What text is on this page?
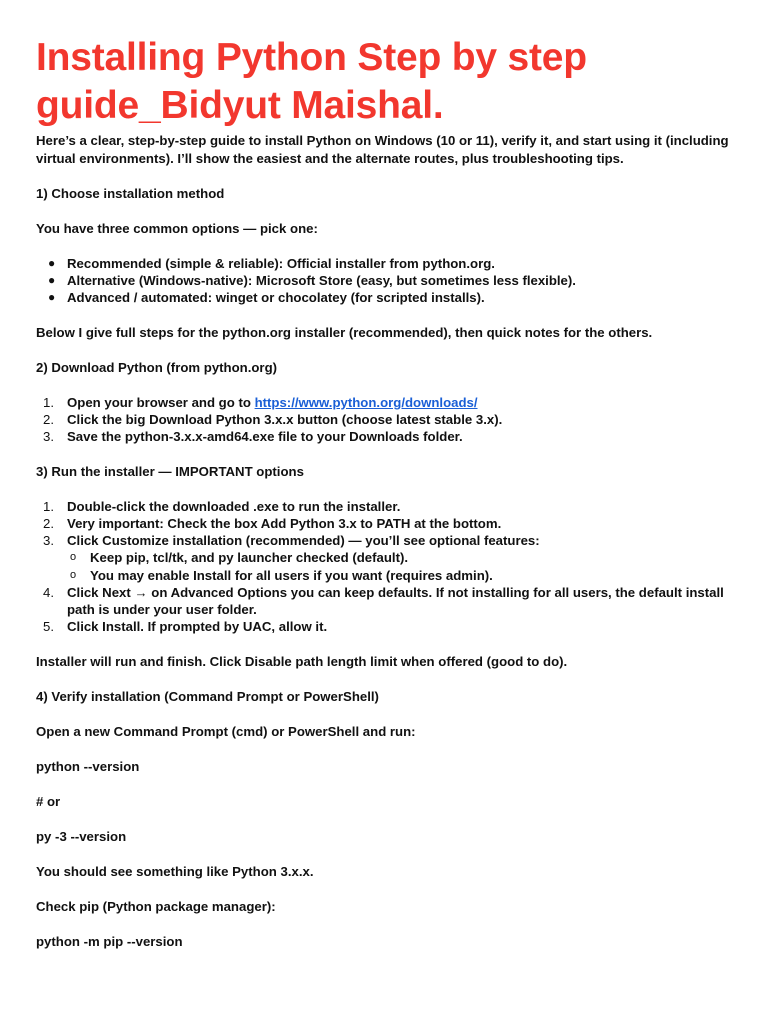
Installing Python Step by step guide_Bidyut Maishal.

Here’s a clear, step-by-step guide to install Python on Windows (10 or 11), verify it, and start using it (including virtual environments). I’ll show the easiest and the alternate routes, plus troubleshooting tips.

1) Choose installation method

You have three common options — pick one:

● Recommended (simple & reliable): Official installer from python.org.
● Alternative (Windows-native): Microsoft Store (easy, but sometimes less flexible).
● Advanced / automated: winget or chocolatey (for scripted installs).

Below I give full steps for the python.org installer (recommended), then quick notes for the others.

2) Download Python (from python.org)

1. Open your browser and go to https://www.python.org/downloads/
2. Click the big Download Python 3.x.x button (choose latest stable 3.x).
3. Save the python-3.x.x-amd64.exe file to your Downloads folder.

3) Run the installer — IMPORTANT options

1. Double-click the downloaded .exe to run the installer.
2. Very important: Check the box Add Python 3.x to PATH at the bottom.
3. Click Customize installation (recommended) — you’ll see optional features:
o Keep pip, tcl/tk, and py launcher checked (default).
o You may enable Install for all users if you want (requires admin).
4. Click Next → on Advanced Options you can keep defaults. If not installing for all users, the default install path is under your user folder.
5. Click Install. If prompted by UAC, allow it.

Installer will run and finish. Click Disable path length limit when offered (good to do).

4) Verify installation (Command Prompt or PowerShell)

Open a new Command Prompt (cmd) or PowerShell and run:

python --version

# or

py -3 --version

You should see something like Python 3.x.x.

Check pip (Python package manager):

python -m pip --version
